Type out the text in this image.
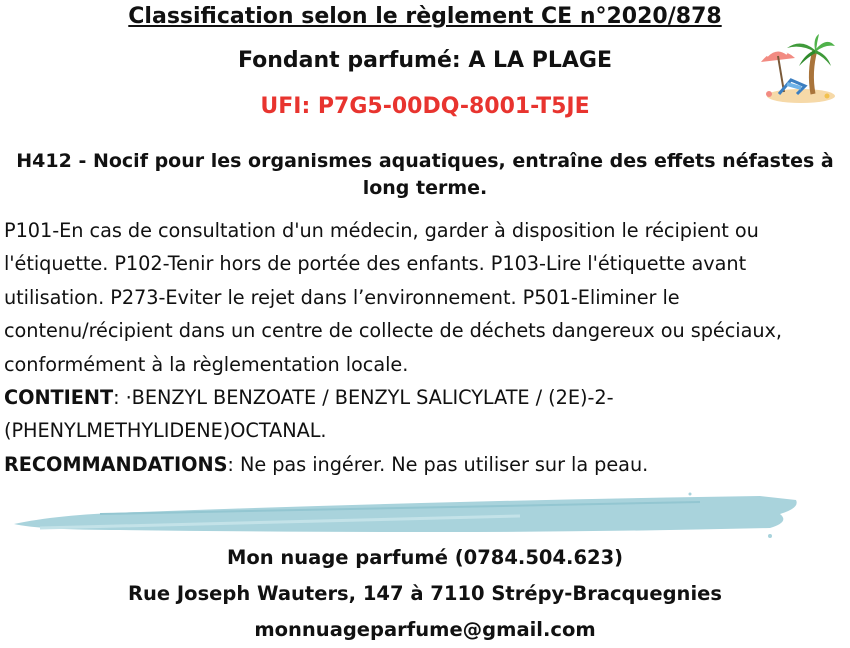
Classification selon le règlement CE n°2020/878
Fondant parfumé: A LA PLAGE
UFI: P7G5-00DQ-8001-T5JE
H412 - Nocif pour les organismes aquatiques, entraîne des effets néfastes à long terme.
P101-En cas de consultation d'un médecin, garder à disposition le récipient ou l'étiquette. P102-Tenir hors de portée des enfants. P103-Lire l'étiquette avant utilisation. P273-Eviter le rejet dans l’environnement. P501-Eliminer le contenu/récipient dans un centre de collecte de déchets dangereux ou spéciaux, conformément à la règlementation locale.
CONTIENT: ·BENZYL BENZOATE / BENZYL SALICYLATE / (2E)-2-(PHENYLMETHYLIDENE)OCTANAL.
RECOMMANDATIONS: Ne pas ingérer. Ne pas utiliser sur la peau.
Mon nuage parfumé (0784.504.623)
Rue Joseph Wauters, 147 à 7110 Strépy-Bracquegnies
monnuageparfume@gmail.com
